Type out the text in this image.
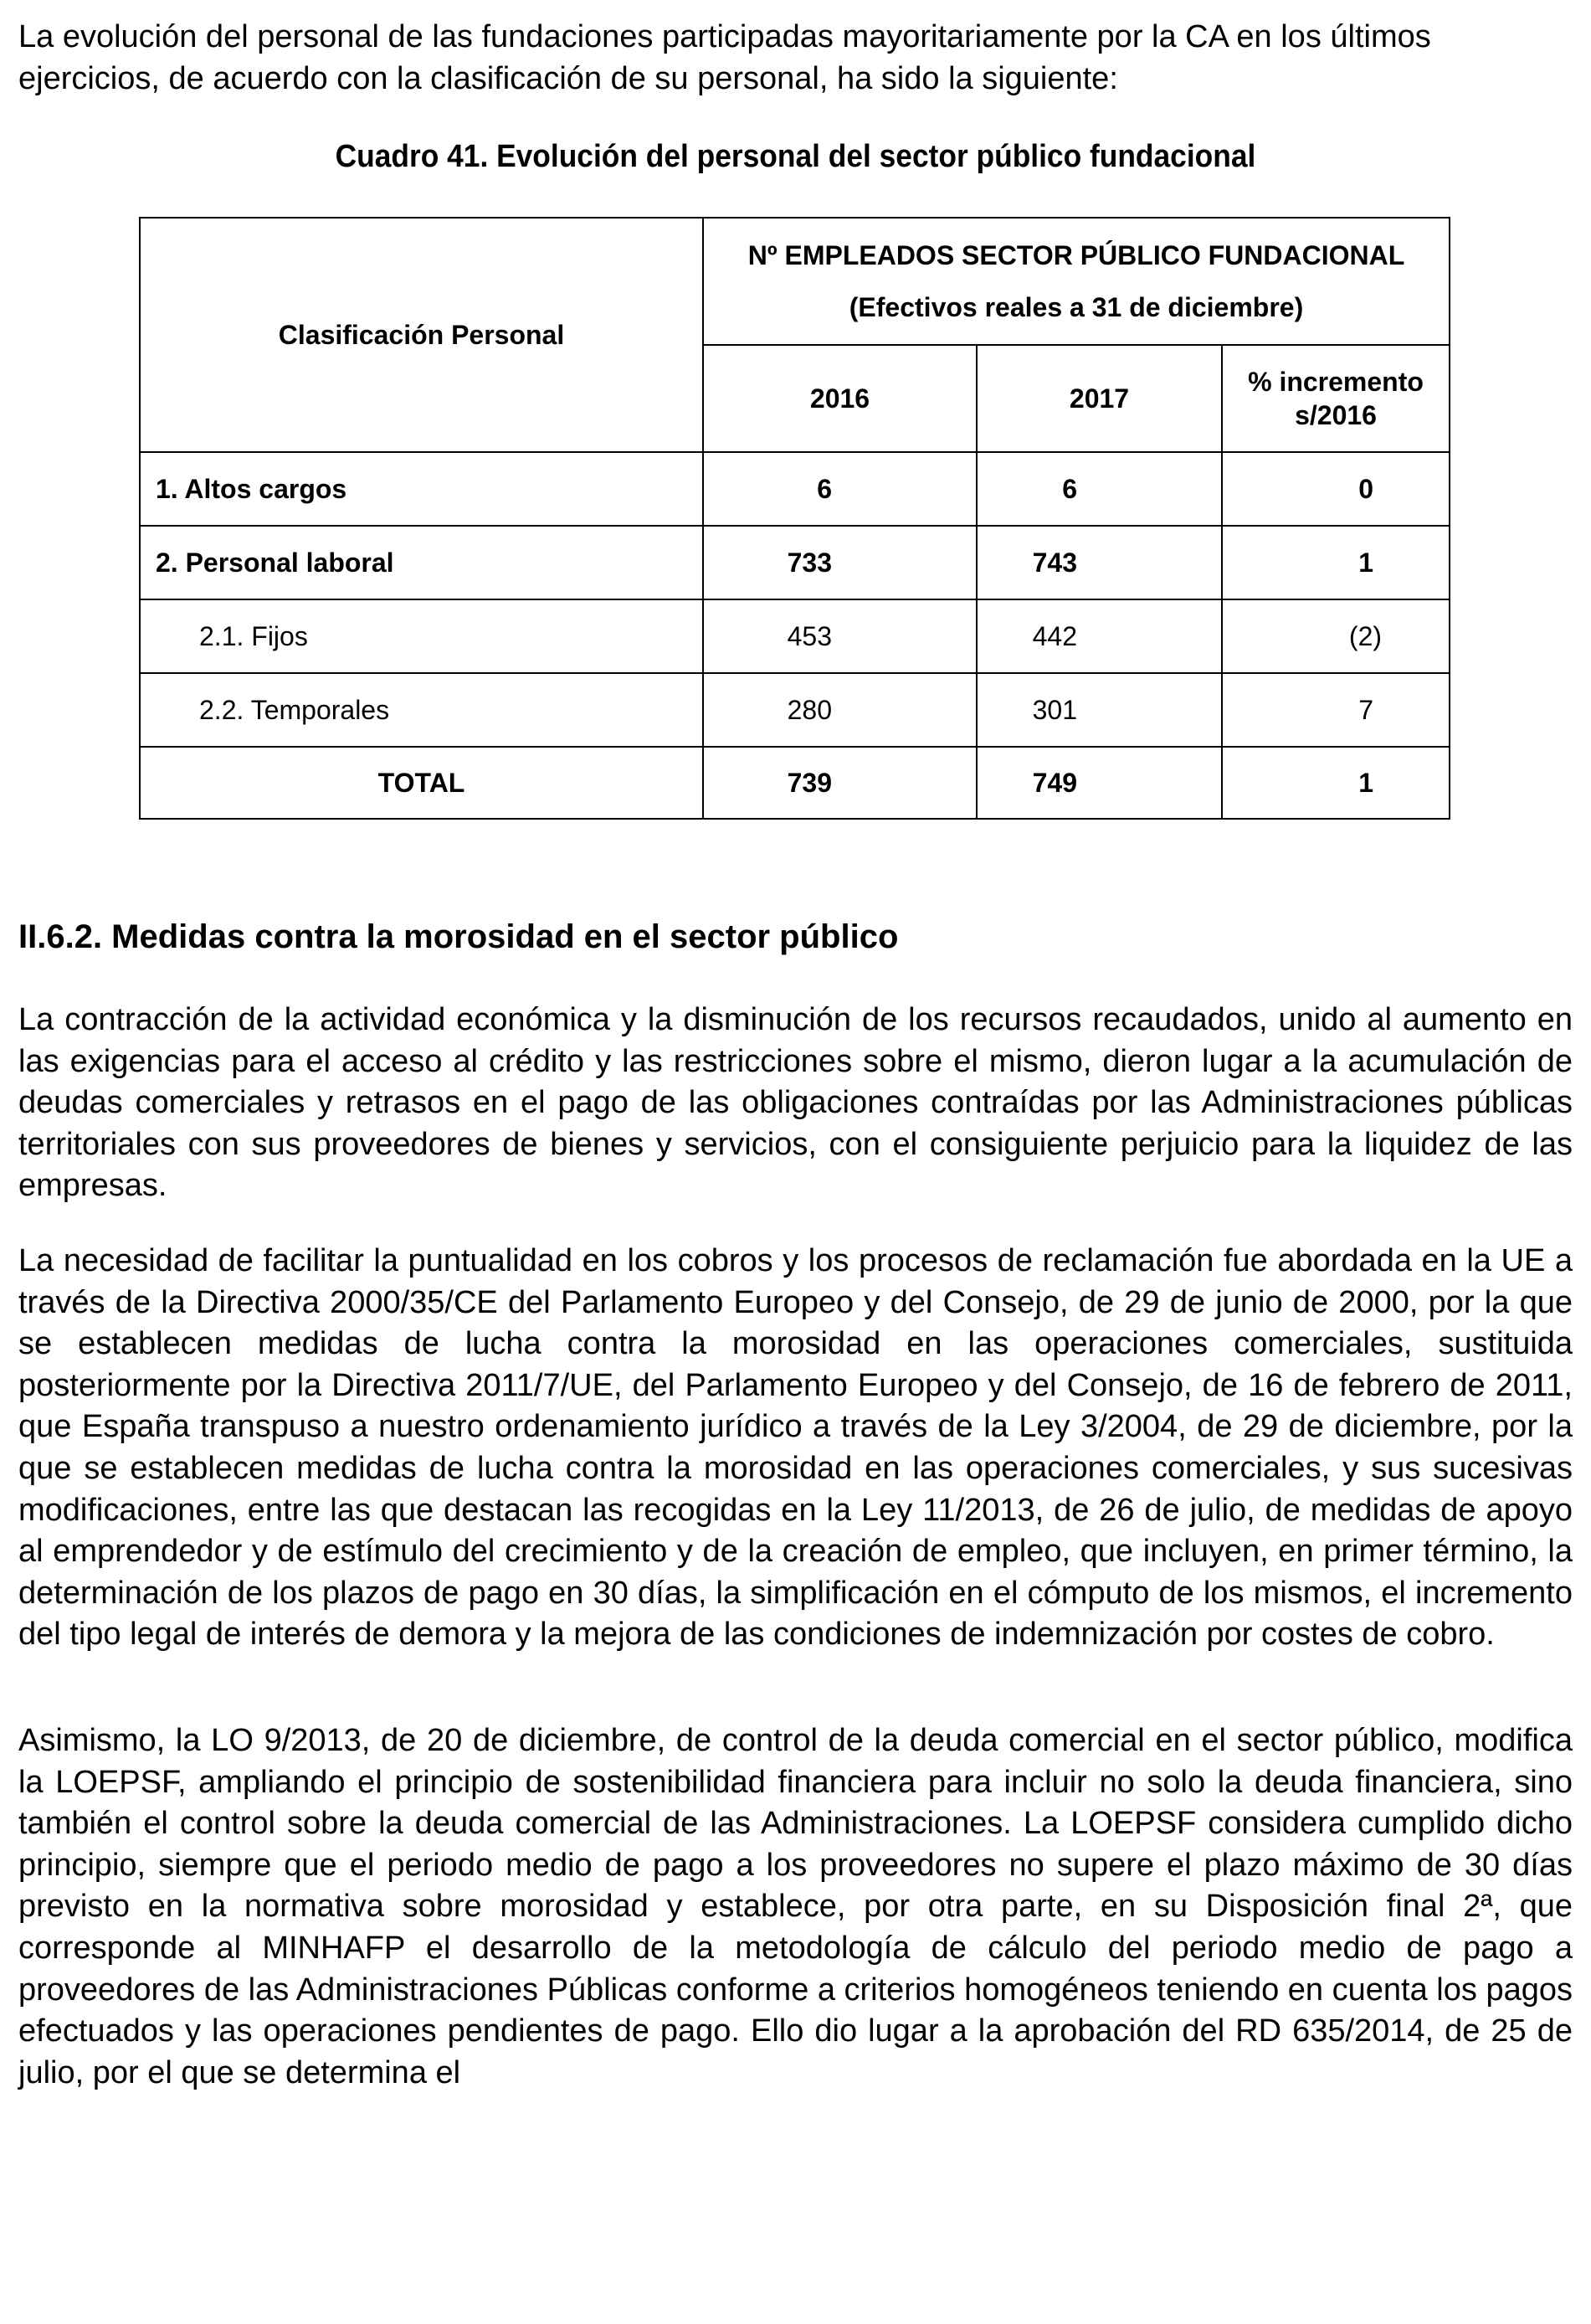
La evolución del personal de las fundaciones participadas mayoritariamente por la CA en los últimos ejercicios, de acuerdo con la clasificación de su personal, ha sido la siguiente:

Cuadro 41. Evolución del personal del sector público fundacional

Clasificación Personal	Nº EMPLEADOS SECTOR PÚBLICO FUNDACIONAL
(Efectivos reales a 31 de diciembre)		

	2016	2017	% incremento
s/2016

1. Altos cargos	6	6	0
2. Personal laboral	733	743	1
2.1. Fijos	453	442	(2)
2.2. Temporales	280	301	7
TOTAL	739	749	1
II.6.2. Medidas contra la morosidad en el sector público

La contracción de la actividad económica y la disminución de los recursos recaudados, unido al aumento en las exigencias para el acceso al crédito y las restricciones sobre el mismo, dieron lugar a la acumulación de deudas comerciales y retrasos en el pago de las obligaciones contraídas por las Administraciones públicas territoriales con sus proveedores de bienes y servicios, con el consiguiente perjuicio para la liquidez de las empresas.

La necesidad de facilitar la puntualidad en los cobros y los procesos de reclamación fue abordada en la UE a través de la Directiva 2000/35/CE del Parlamento Europeo y del Consejo, de 29 de junio de 2000, por la que se establecen medidas de lucha contra la morosidad en las operaciones comerciales, sustituida posteriormente por la Directiva 2011/7/UE, del Parlamento Europeo y del Consejo, de 16 de febrero de 2011, que España transpuso a nuestro ordenamiento jurídico a través de la Ley 3/2004, de 29 de diciembre, por la que se establecen medidas de lucha contra la morosidad en las operaciones comerciales, y sus sucesivas modificaciones, entre las que destacan las recogidas en la Ley 11/2013, de 26 de julio, de medidas de apoyo al emprendedor y de estímulo del crecimiento y de la creación de empleo, que incluyen, en primer término, la determinación de los plazos de pago en 30 días, la simplificación en el cómputo de los mismos, el incremento del tipo legal de interés de demora y la mejora de las condiciones de indemnización por costes de cobro.

Asimismo, la LO 9/2013, de 20 de diciembre, de control de la deuda comercial en el sector público, modifica la LOEPSF, ampliando el principio de sostenibilidad financiera para incluir no solo la deuda financiera, sino también el control sobre la deuda comercial de las Administraciones. La LOEPSF considera cumplido dicho principio, siempre que el periodo medio de pago a los proveedores no supere el plazo máximo de 30 días previsto en la normativa sobre morosidad y establece, por otra parte, en su Disposición final 2ª, que corresponde al MINHAFP el desarrollo de la metodología de cálculo del periodo medio de pago a proveedores de las Administraciones Públicas conforme a criterios homogéneos teniendo en cuenta los pagos efectuados y las operaciones pendientes de pago. Ello dio lugar a la aprobación del RD 635/2014, de 25 de julio, por el que se determina el
